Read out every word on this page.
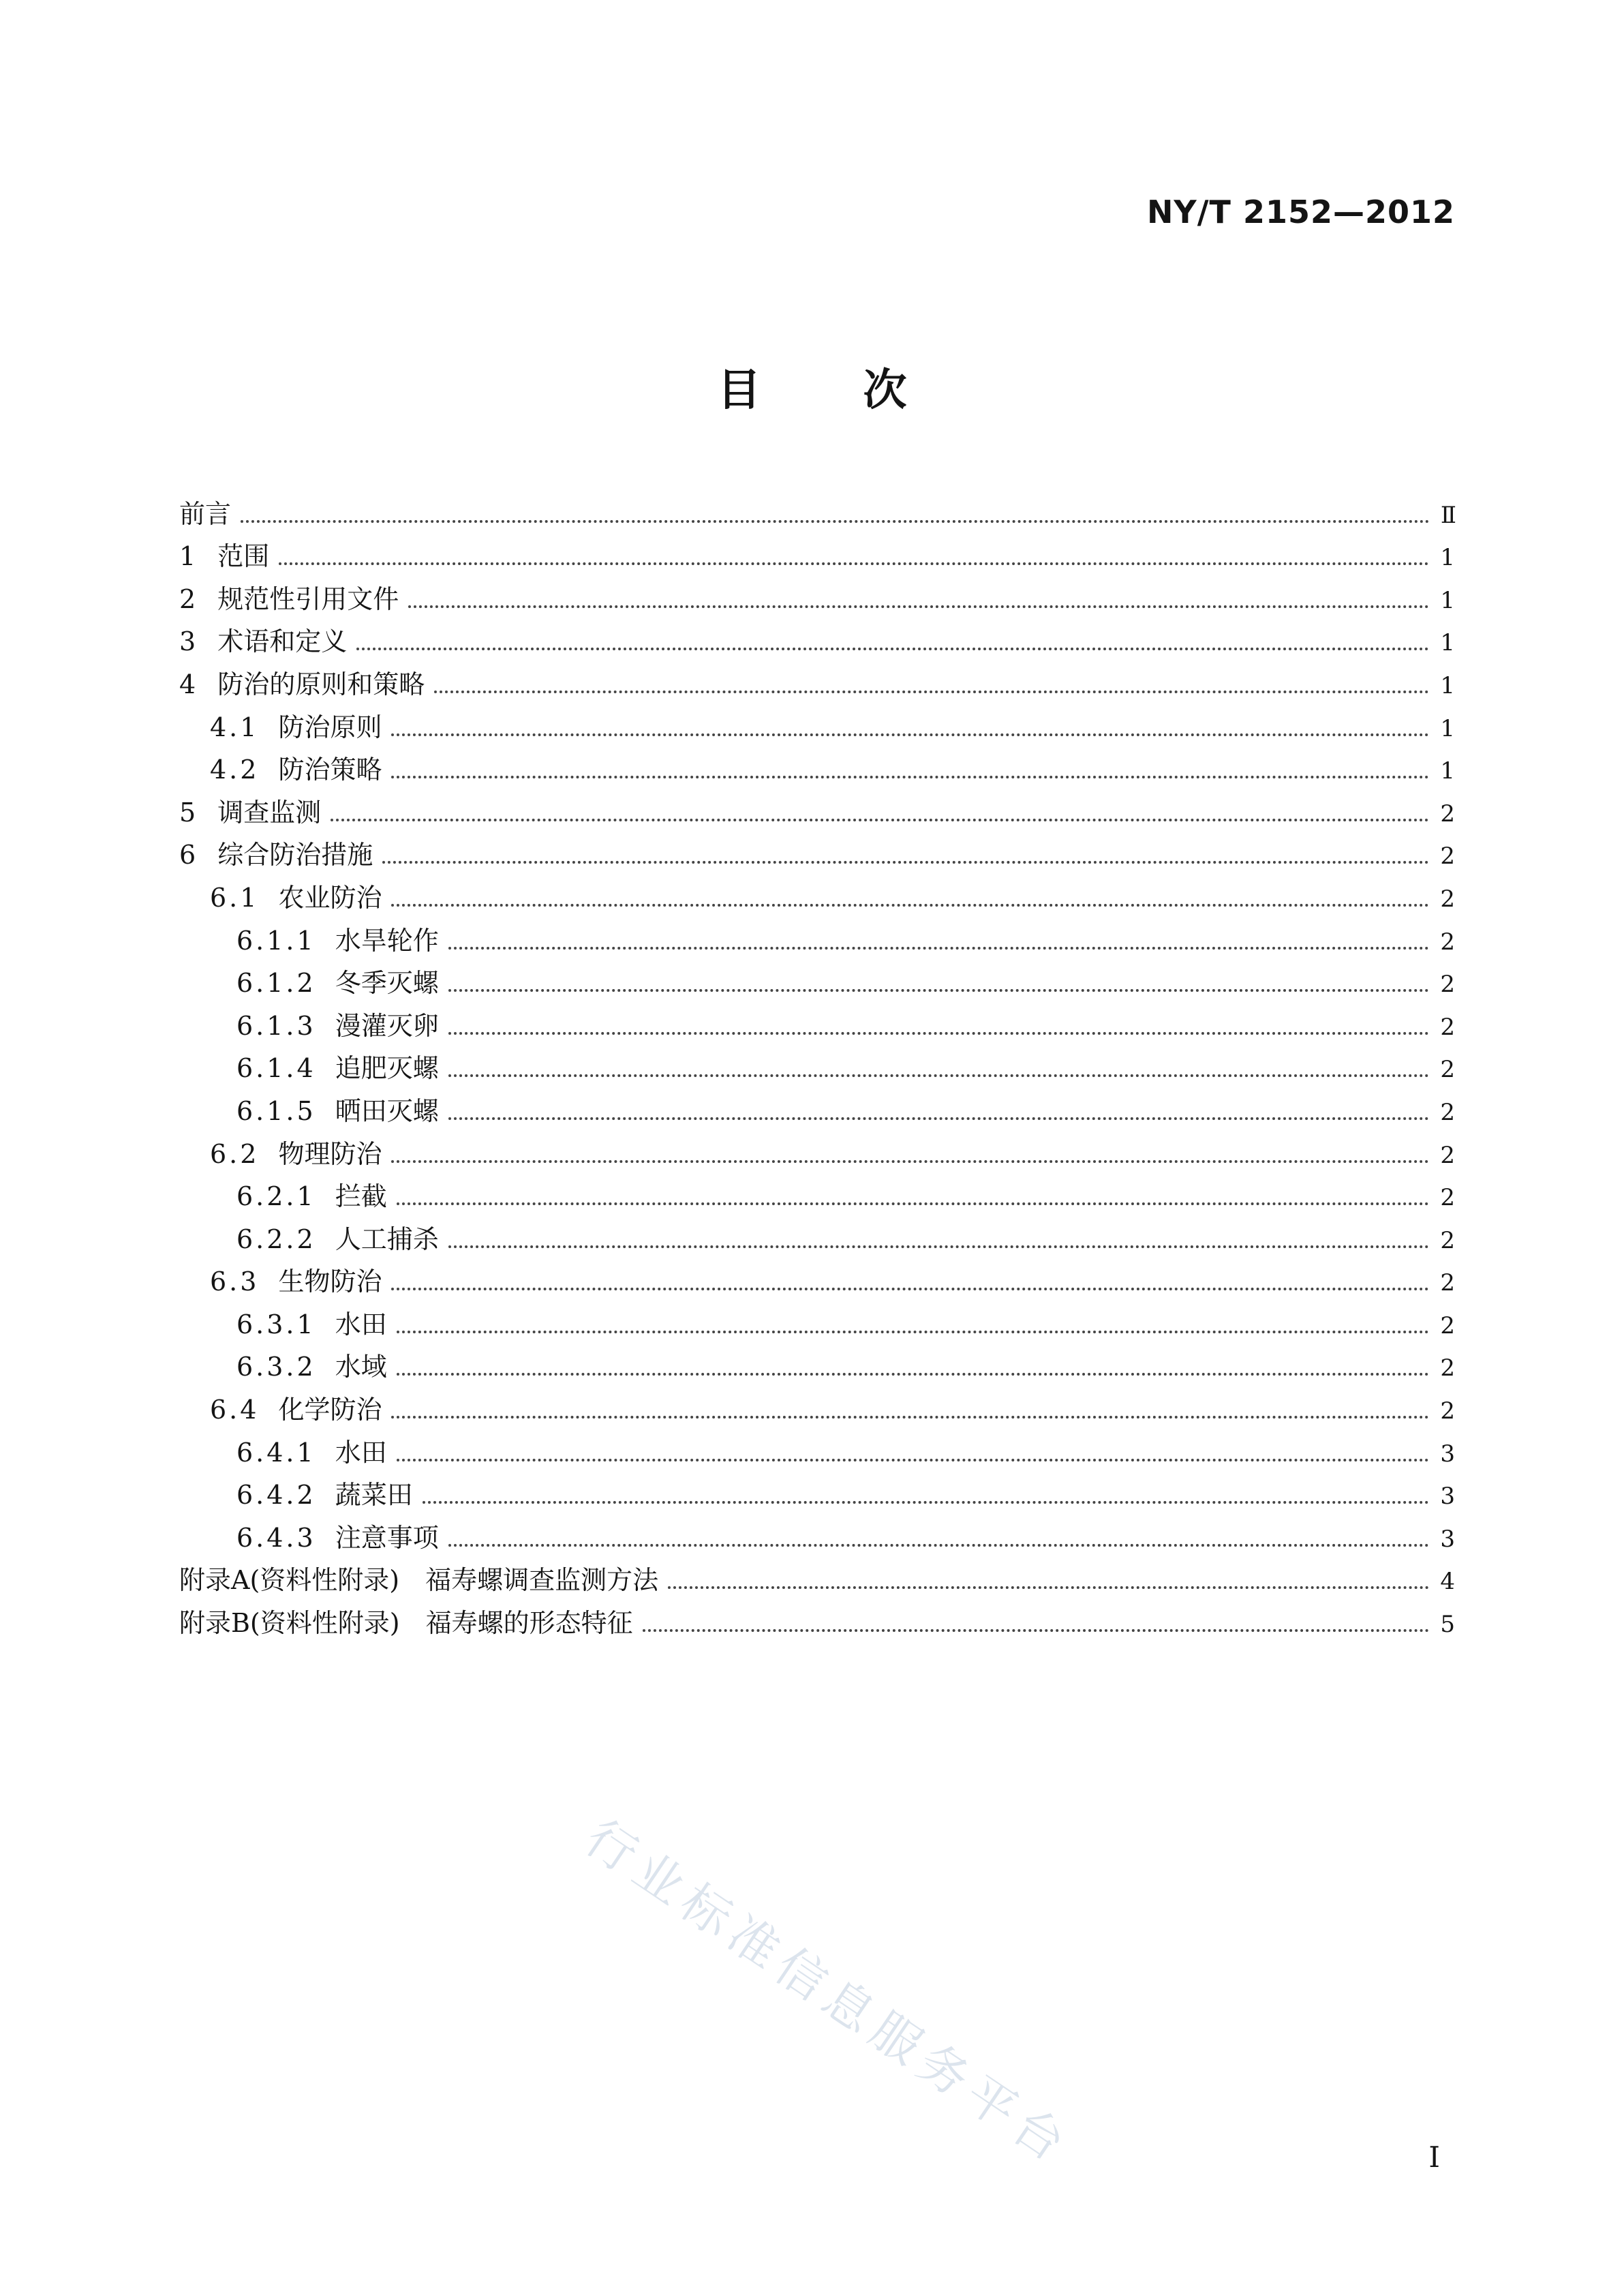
NY/T 2152—2012
目 次
前言	Ⅱ
1 范围	1
2 规范性引用文件	1
3 术语和定义	1
4 防治的原则和策略	1
4.1 防治原则	1
4.2 防治策略	1
5 调查监测	2
6 综合防治措施	2
6.1 农业防治	2
6.1.1 水旱轮作	2
6.1.2 冬季灭螺	2
6.1.3 漫灌灭卵	2
6.1.4 追肥灭螺	2
6.1.5 晒田灭螺	2
6.2 物理防治	2
6.2.1 拦截	2
6.2.2 人工捕杀	2
6.3 生物防治	2
6.3.1 水田	2
6.3.2 水域	2
6.4 化学防治	2
6.4.1 水田	3
6.4.2 蔬菜田	3
6.4.3 注意事项	3
附录A(资料性附录)　福寿螺调查监测方法	4
附录B(资料性附录)　福寿螺的形态特征	5
行业标准信息服务平台	I
